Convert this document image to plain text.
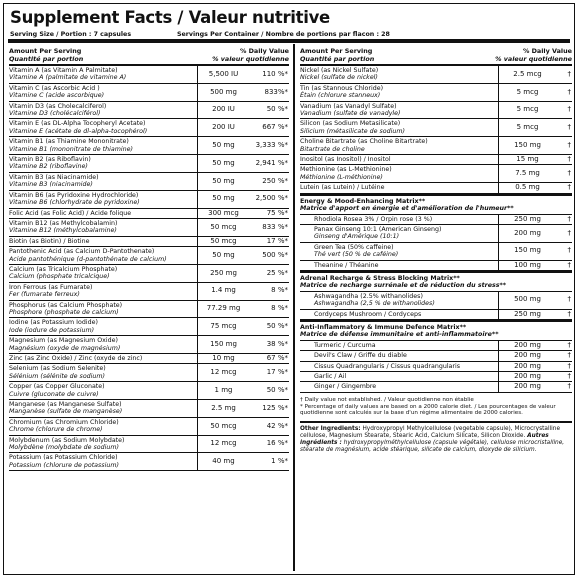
Supplement Facts / Valeur nutritive
Serving Size / Portion : 7 capsules	Servings Per Container / Nombre de portions par flacon : 28
Amount Per Serving
Quantité par portion
% Daily Value
% valeur quotidienne
Vitamin A (as Vitamin A Palmitate)
Vitamine A (palmitate de vitamine A)
5,500 IU	110 %*
Vitamin C (as Ascorbic Acid )
Vitamine C (acide ascorbique)
500 mg	833%*
Vitamin D3 (as Cholecalciferol)
Vitamine D3 (cholécalciférol)
200 IU	50 %*
Vitamin E (as DL-Alpha Tocopheryl Acetate)
Vitamine E (acétate de dl-alpha-tocophérol)
200 IU	667 %*
Vitamin B1 (as Thiamine Mononitrate)
Vitamine B1 (mononitrate de thiamine)
50 mg	3,333 %*
Vitamin B2 (as Riboflavin)
Vitamine B2 (riboflavine)
50 mg	2,941 %*
Vitamin B3 (as Niacinamide)
Vitamine B3 (niacinamide)
50 mg	250 %*
Vitamin B6 (as Pyridoxine Hydrochloride)
Vitamine B6 (chlorhydrate de pyridoxine)
50 mg	2,500 %*
Folic Acid (as Folic Acid) / Acide folique	300 mcg	75 %*
Vitamin B12 (as Methylcobalamin)
Vitamine B12 (méthylcobalamine)
50 mcg	833 %*
Biotin (as Biotin) / Biotine	50 mcg	17 %*
Pantothenic Acid (as Calcium D-Pantothenate)
Acide pantothénique (d-pantothénate de calcium)
50 mg	500 %*
Calcium (as Tricalcium Phosphate)
Calcium (phosphate tricalcique)
250 mg	25 %*
Iron Ferrous (as Fumarate)
Fer (fumarate ferreux)
1.4 mg	8 %*
Phosphorus (as Calcium Phosphate)
Phosphore (phosphate de calcium)
77.29 mg	8 %*
Iodine (as Potassium Iodide)
Iode (iodure de potassium)
75 mcg	50 %*
Magnesium (as Magnesium Oxide)
Magnésium (oxyde de magnésium)
150 mg	38 %*
Zinc (as Zinc Oxide) / Zinc (oxyde de zinc)	10 mg	67 %*
Selenium (as Sodium Selenite)
Sélénium (sélénite de sodium)
12 mcg	17 %*
Copper (as Copper Gluconate)
Cuivre (gluconate de cuivre)
1 mg	50 %*
Manganese (as Manganese Sulfate)
Manganèse (sulfate de manganèse)
2.5 mg	125 %*
Chromium (as Chromium Chloride)
Chrome (chlorure de chrome)
50 mcg	42 %*
Molybdenum (as Sodium Molybdate)
Molybdène (molybdate de sodium)
12 mcg	16 %*
Potassium (as Potassium Chloride)
Potassium (chlorure de potassium)
40 mg	1 %*
Amount Per Serving
Quantité par portion
% Daily Value
% valeur quotidienne
Nickel (as Nickel Sulfate)
Nickel (sulfate de nickel)
2.5 mcg	†
Tin (as Stannous Chloride)
Étain (chlorure stanneux)
5 mcg	†
Vanadium (as Vanadyl Sulfate)
Vanadium (sulfate de vanadyle)
5 mcg	†
Silicon (as Sodium Metasilicate)
Silicium (métasilicate de sodium)
5 mcg	†
Choline Bitartrate (as Choline Bitartrate)
Bitartrate de choline
150 mg	†
Inositol (as Inositol) / Inositol	15 mg	†
Methionine (as L-Methionine)
Méthionine (L-méthionine)
7.5 mg	†
Lutein (as Lutein) / Lutéine	0.5 mg	†
Energy & Mood-Enhancing Matrix**
Matrice d'apport en énergie et d'amélioration de l'humeur**
Rhodiola Rosea 3% / Orpin rose (3 %)	250 mg	†
Panax Ginseng 10:1 (American Ginseng)
Ginseng d'Amérique (10:1)
200 mg	†
Green Tea (50% caffeine)
Thé vert (50 % de caféine)
150 mg	†
Theanine / Théanine	100 mg	†
Adrenal Recharge & Stress Blocking Matrix**
Matrice de recharge surrénale et de réduction du stress**
Ashwagandha (2.5% withanolides)
Ashwagandha (2,5 % de withanolides)
500 mg	†
Cordyceps Mushroom / Cordyceps	250 mg	†
Anti-Inflammatory & Immune Defence Matrix**
Matrice de défense immunitaire et anti-inflammatoire**
Turmeric / Curcuma	200 mg	†
Devil's Claw / Griffe du diable	200 mg	†
Cissus Quadrangularis / Cissus quadrangularis	200 mg	†
Garlic / Ail	200 mg	†
Ginger / Gingembre	200 mg	†
† Daily value not established. / Valeur quotidienne non établie
* Percentage of daily values are based on a 2000 calorie diet. / Les pourcentages de valeur quotidienne sont calculés sur la base d'un régime alimentaire de 2000 calories.
Other Ingredients: Hydroxypropyl Methylcellulose (vegetable capsule), Microcrystalline cellulose, Magnesium Stearate, Stearic Acid, Calcium Silicate, Silicon Dioxide. Autres ingrédients : hydroxypropylméthylcellulose (capsule végétale), cellulose microcristalline, stéarate de magnésium, acide stéarique, silicate de calcium, dioxyde de silicium.
